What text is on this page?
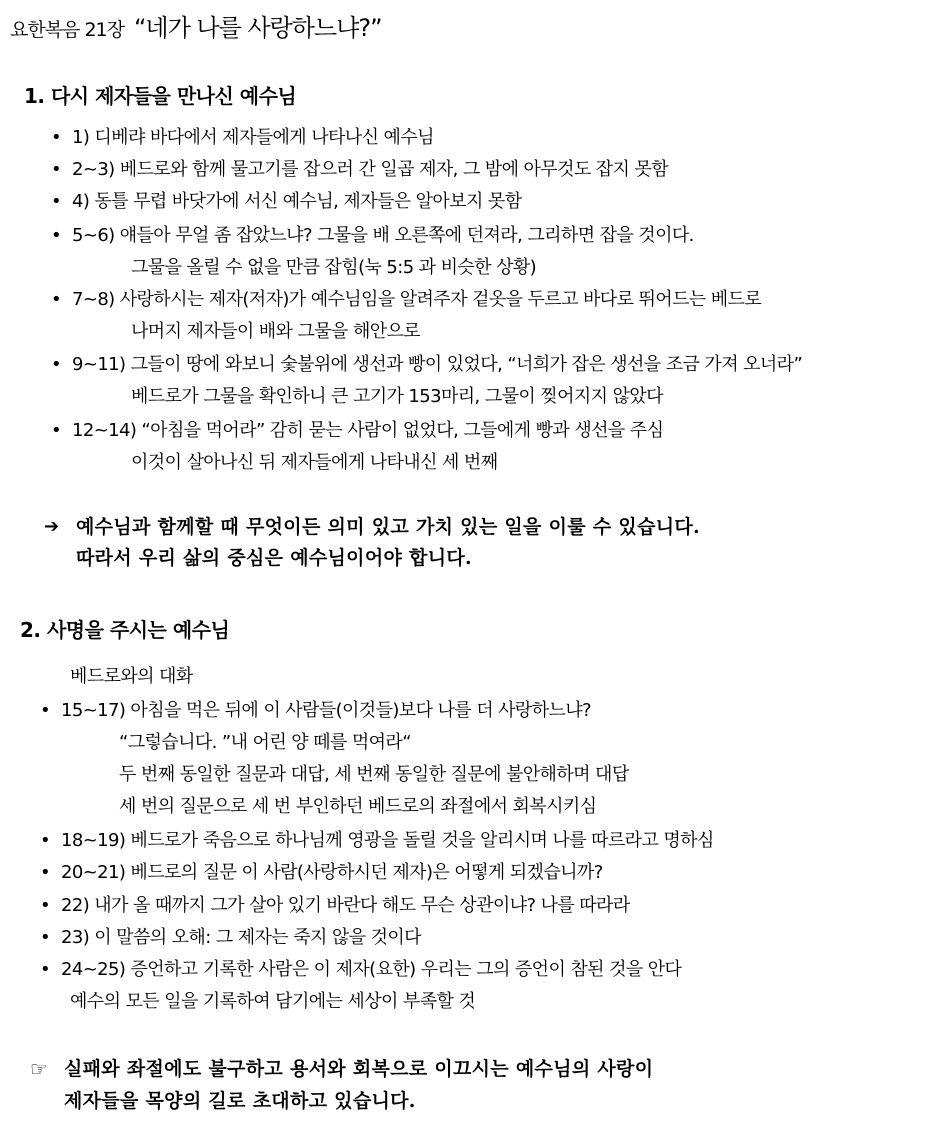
요한복음 21장 “네가 나를 사랑하느냐?”
1. 다시 제자들을 만나신 예수님
• 1) 디베랴 바다에서 제자들에게 나타나신 예수님
• 2~3) 베드로와 함께 물고기를 잡으러 간 일곱 제자, 그 밤에 아무것도 잡지 못함
• 4) 동틀 무렵 바닷가에 서신 예수님, 제자들은 알아보지 못함
• 5~6) 얘들아 무얼 좀 잡았느냐? 그물을 배 오른쪽에 던져라, 그리하면 잡을 것이다.
그물을 올릴 수 없을 만큼 잡힘(눅 5:5 과 비슷한 상황)
• 7~8) 사랑하시는 제자(저자)가 예수님임을 알려주자 겉옷을 두르고 바다로 뛰어드는 베드로
나머지 제자들이 배와 그물을 해안으로
• 9~11) 그들이 땅에 와보니 숯불위에 생선과 빵이 있었다, “너희가 잡은 생선을 조금 가져 오너라”
베드로가 그물을 확인하니 큰 고기가 153마리, 그물이 찢어지지 않았다
• 12~14) “아침을 먹어라” 감히 묻는 사람이 없었다, 그들에게 빵과 생선을 주심
이것이 살아나신 뒤 제자들에게 나타내신 세 번째
➔ 예수님과 함께할 때 무엇이든 의미 있고 가치 있는 일을 이룰 수 있습니다.
따라서 우리 삶의 중심은 예수님이어야 합니다.
2. 사명을 주시는 예수님
베드로와의 대화
• 15~17) 아침을 먹은 뒤에 이 사람들(이것들)보다 나를 더 사랑하느냐?
“그렇습니다. ”내 어린 양 떼를 먹여라“
두 번째 동일한 질문과 대답, 세 번째 동일한 질문에 불안해하며 대답
세 번의 질문으로 세 번 부인하던 베드로의 좌절에서 회복시키심
• 18~19) 베드로가 죽음으로 하나님께 영광을 돌릴 것을 알리시며 나를 따르라고 명하심
• 20~21) 베드로의 질문 이 사람(사랑하시던 제자)은 어떻게 되겠습니까?
• 22) 내가 올 때까지 그가 살아 있기 바란다 해도 무슨 상관이냐? 나를 따라라
• 23) 이 말씀의 오해: 그 제자는 죽지 않을 것이다
• 24~25) 증언하고 기록한 사람은 이 제자(요한) 우리는 그의 증언이 참된 것을 안다
예수의 모든 일을 기록하여 담기에는 세상이 부족할 것
☞ 실패와 좌절에도 불구하고 용서와 회복으로 이끄시는 예수님의 사랑이
제자들을 목양의 길로 초대하고 있습니다.
